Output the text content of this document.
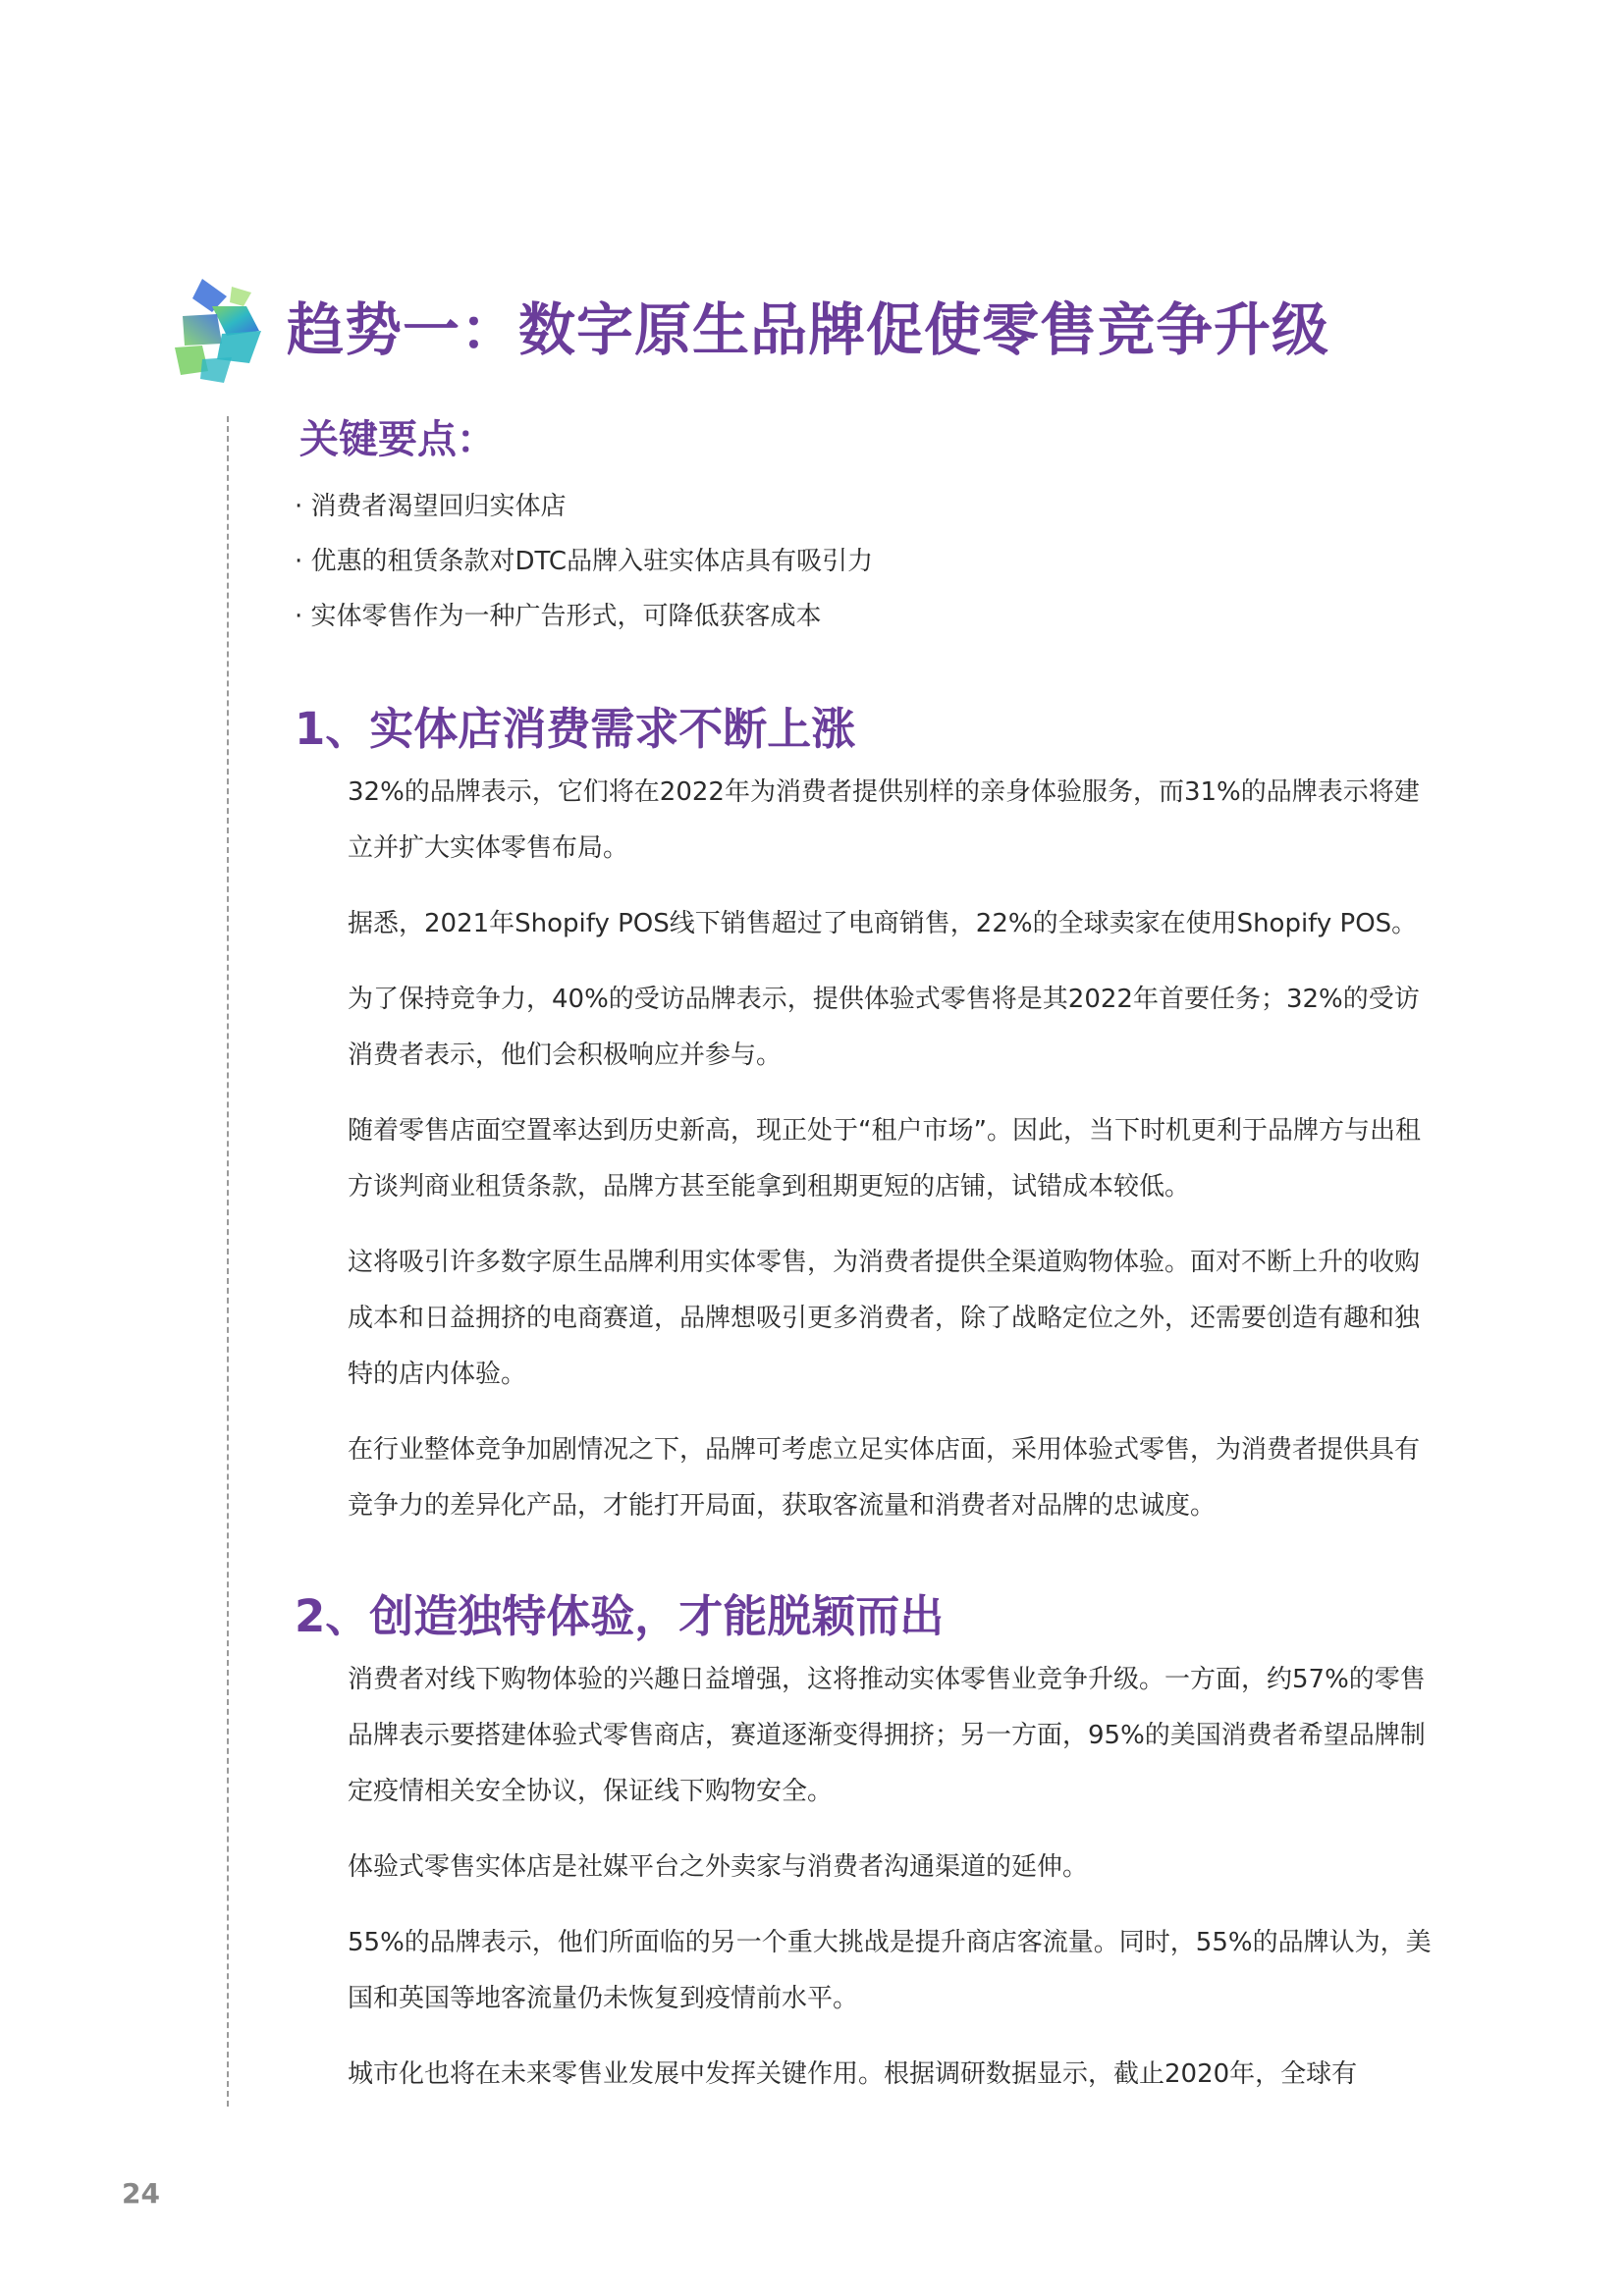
趋势一：数字原生品牌促使零售竞争升级
关键要点：
· 消费者渴望回归实体店
· 优惠的租赁条款对DTC品牌入驻实体店具有吸引力
· 实体零售作为一种广告形式，可降低获客成本
1、实体店消费需求不断上涨

32%的品牌表示，它们将在2022年为消费者提供别样的亲身体验服务，而31%的品牌表示将建立并扩大实体零售布局。

据悉，2021年Shopify POS线下销售超过了电商销售，22%的全球卖家在使用Shopify POS。

为了保持竞争力，40%的受访品牌表示，提供体验式零售将是其2022年首要任务；32%的受访消费者表示，他们会积极响应并参与。

随着零售店面空置率达到历史新高，现正处于“租户市场”。因此，当下时机更利于品牌方与出租方谈判商业租赁条款，品牌方甚至能拿到租期更短的店铺，试错成本较低。

这将吸引许多数字原生品牌利用实体零售，为消费者提供全渠道购物体验。面对不断上升的收购成本和日益拥挤的电商赛道，品牌想吸引更多消费者，除了战略定位之外，还需要创造有趣和独特的店内体验。

在行业整体竞争加剧情况之下，品牌可考虑立足实体店面，采用体验式零售，为消费者提供具有竞争力的差异化产品，才能打开局面，获取客流量和消费者对品牌的忠诚度。

2、创造独特体验，才能脱颖而出

消费者对线下购物体验的兴趣日益增强，这将推动实体零售业竞争升级。一方面，约57%的零售品牌表示要搭建体验式零售商店，赛道逐渐变得拥挤；另一方面，95%的美国消费者希望品牌制定疫情相关安全协议，保证线下购物安全。

体验式零售实体店是社媒平台之外卖家与消费者沟通渠道的延伸。

55%的品牌表示，他们所面临的另一个重大挑战是提升商店客流量。同时，55%的品牌认为，美国和英国等地客流量仍未恢复到疫情前水平。

城市化也将在未来零售业发展中发挥关键作用。根据调研数据显示，截止2020年，全球有

24
